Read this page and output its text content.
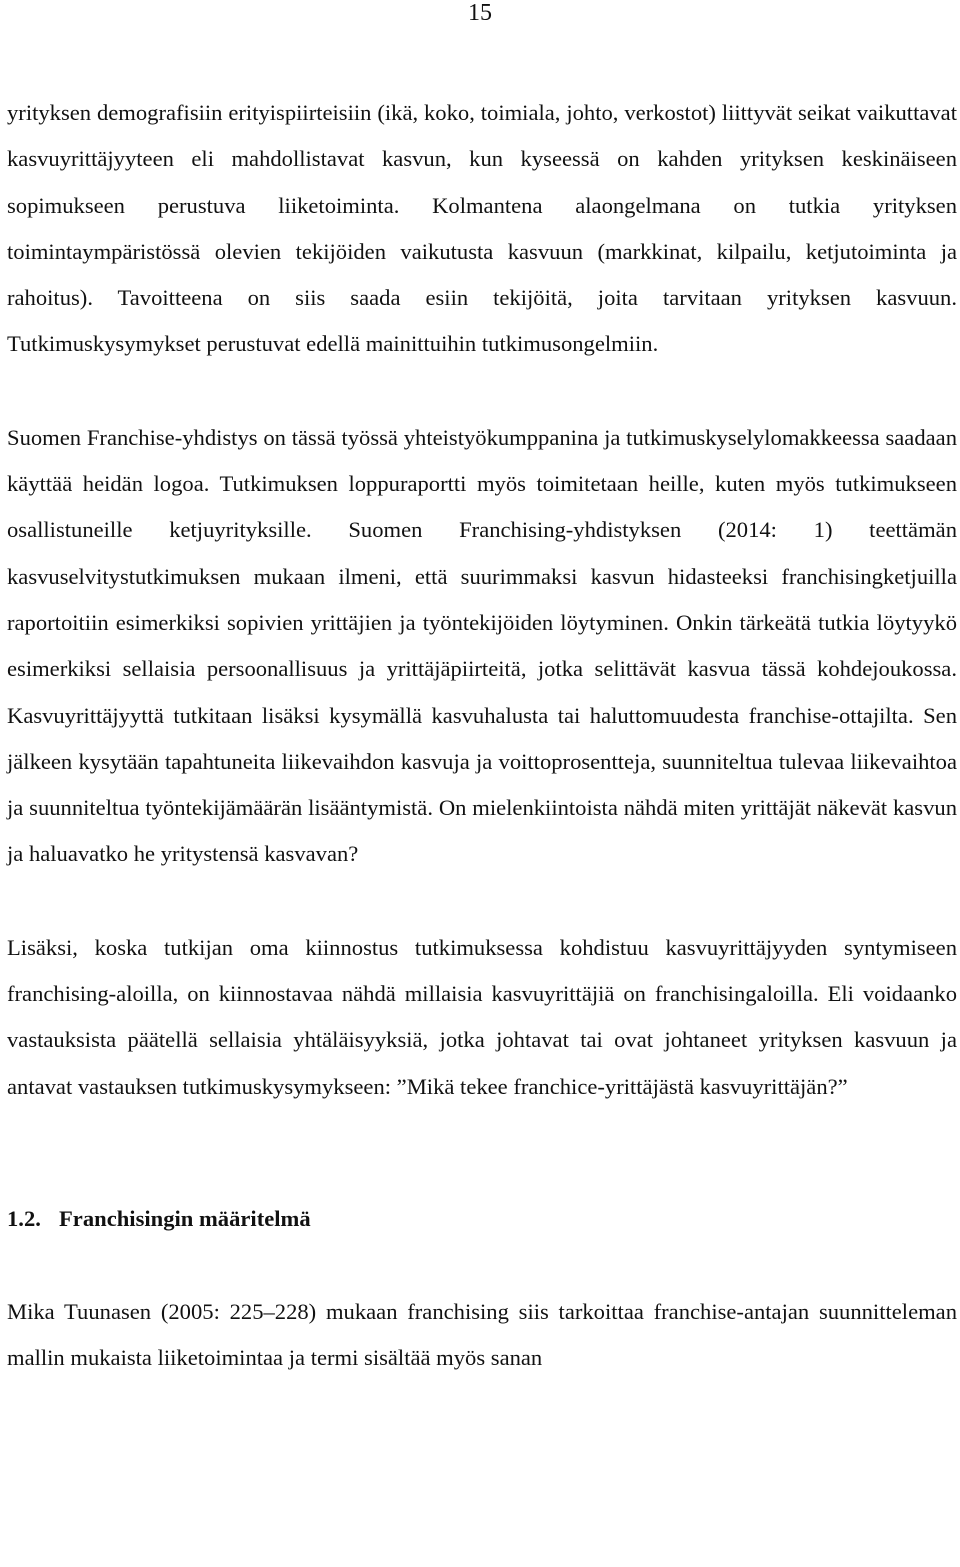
15

yrityksen demografisiin erityispiirteisiin (ikä, koko, toimiala, johto, verkostot) liittyvät seikat vaikuttavat kasvuyrittäjyyteen eli mahdollistavat kasvun, kun kyseessä on kahden yrityksen keskinäiseen sopimukseen perustuva liiketoiminta. Kolmantena alaongelmana on tutkia yrityksen toimintaympäristössä olevien tekijöiden vaikutusta kasvuun (markkinat, kilpailu, ketjutoiminta ja rahoitus). Tavoitteena on siis saada esiin tekijöitä, joita tarvitaan yrityksen kasvuun. Tutkimuskysymykset perustuvat edellä mainittuihin tutkimusongelmiin.

Suomen Franchise-yhdistys on tässä työssä yhteistyökumppanina ja tutkimuskyselylomakkeessa saadaan käyttää heidän logoa. Tutkimuksen loppuraportti myös toimitetaan heille, kuten myös tutkimukseen osallistuneille ketjuyrityksille. Suomen Franchising-yhdistyksen (2014: 1) teettämän kasvuselvitystutkimuksen mukaan ilmeni, että suurimmaksi kasvun hidasteeksi franchisingketjuilla raportoitiin esimerkiksi sopivien yrittäjien ja työntekijöiden löytyminen. Onkin tärkeätä tutkia löytyykö esimerkiksi sellaisia persoonallisuus ja yrittäjäpiirteitä, jotka selittävät kasvua tässä kohdejoukossa. Kasvuyrittäjyyttä tutkitaan lisäksi kysymällä kasvuhalusta tai haluttomuudesta franchise-ottajilta. Sen jälkeen kysytään tapahtuneita liikevaihdon kasvuja ja voittoprosentteja, suunniteltua tulevaa liikevaihtoa ja suunniteltua työntekijämäärän lisääntymistä. On mielenkiintoista nähdä miten yrittäjät näkevät kasvun ja haluavatko he yritystensä kasvavan?

Lisäksi, koska tutkijan oma kiinnostus tutkimuksessa kohdistuu kasvuyrittäjyyden syntymiseen franchising-aloilla, on kiinnostavaa nähdä millaisia kasvuyrittäjiä on franchisingaloilla. Eli voidaanko vastauksista päätellä sellaisia yhtäläisyyksiä, jotka johtavat tai ovat johtaneet yrityksen kasvuun ja antavat vastauksen tutkimuskysymykseen: ”Mikä tekee franchice-yrittäjästä kasvuyrittäjän?”

1.2. Franchisingin määritelmä

Mika Tuunasen (2005: 225–228) mukaan franchising siis tarkoittaa franchise-antajan suunnitteleman mallin mukaista liiketoimintaa ja termi sisältää myös sanan
